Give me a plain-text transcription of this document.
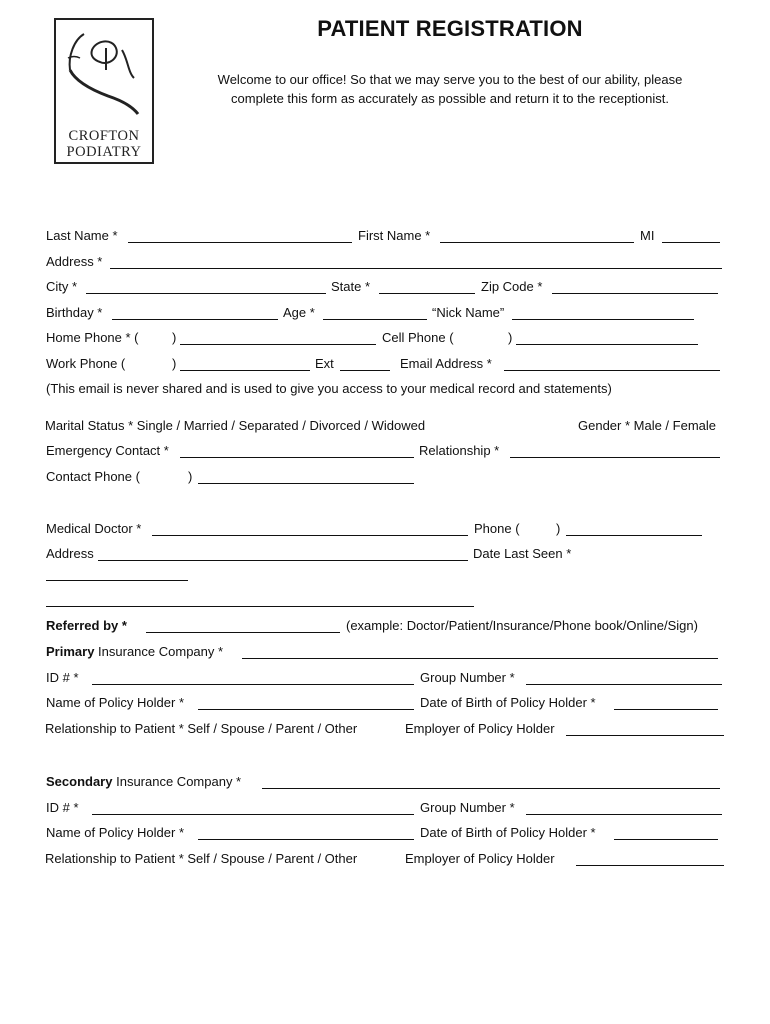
CROFTON
PODIATRY
PATIENT REGISTRATION
Welcome to our office! So that we may serve you to the best of our ability, please
complete this form as accurately as possible and return it to the receptionist.
Last Name *	First Name *	MI
Address *
City *	State *	Zip Code *
Birthday *	Age *	“Nick Name”
Home Phone * (	)	Cell Phone (	)
Work Phone (	)	Ext	Email Address *
(This email is never shared and is used to give you access to your medical record and statements)
Marital Status * Single / Married / Separated / Divorced / Widowed	Gender * Male / Female
Emergency Contact *	Relationship *
Contact Phone (	)
Medical Doctor *	Phone (	)
Address	Date Last Seen *
Referred by *	(example: Doctor/Patient/Insurance/Phone book/Online/Sign)
Primary Insurance Company *
ID # *	Group Number *
Name of Policy Holder *	Date of Birth of Policy Holder *
Relationship to Patient * Self / Spouse / Parent / Other	Employer of Policy Holder
Secondary Insurance Company *
ID # *	Group Number *
Name of Policy Holder *	Date of Birth of Policy Holder *
Relationship to Patient * Self / Spouse / Parent / Other	Employer of Policy Holder
